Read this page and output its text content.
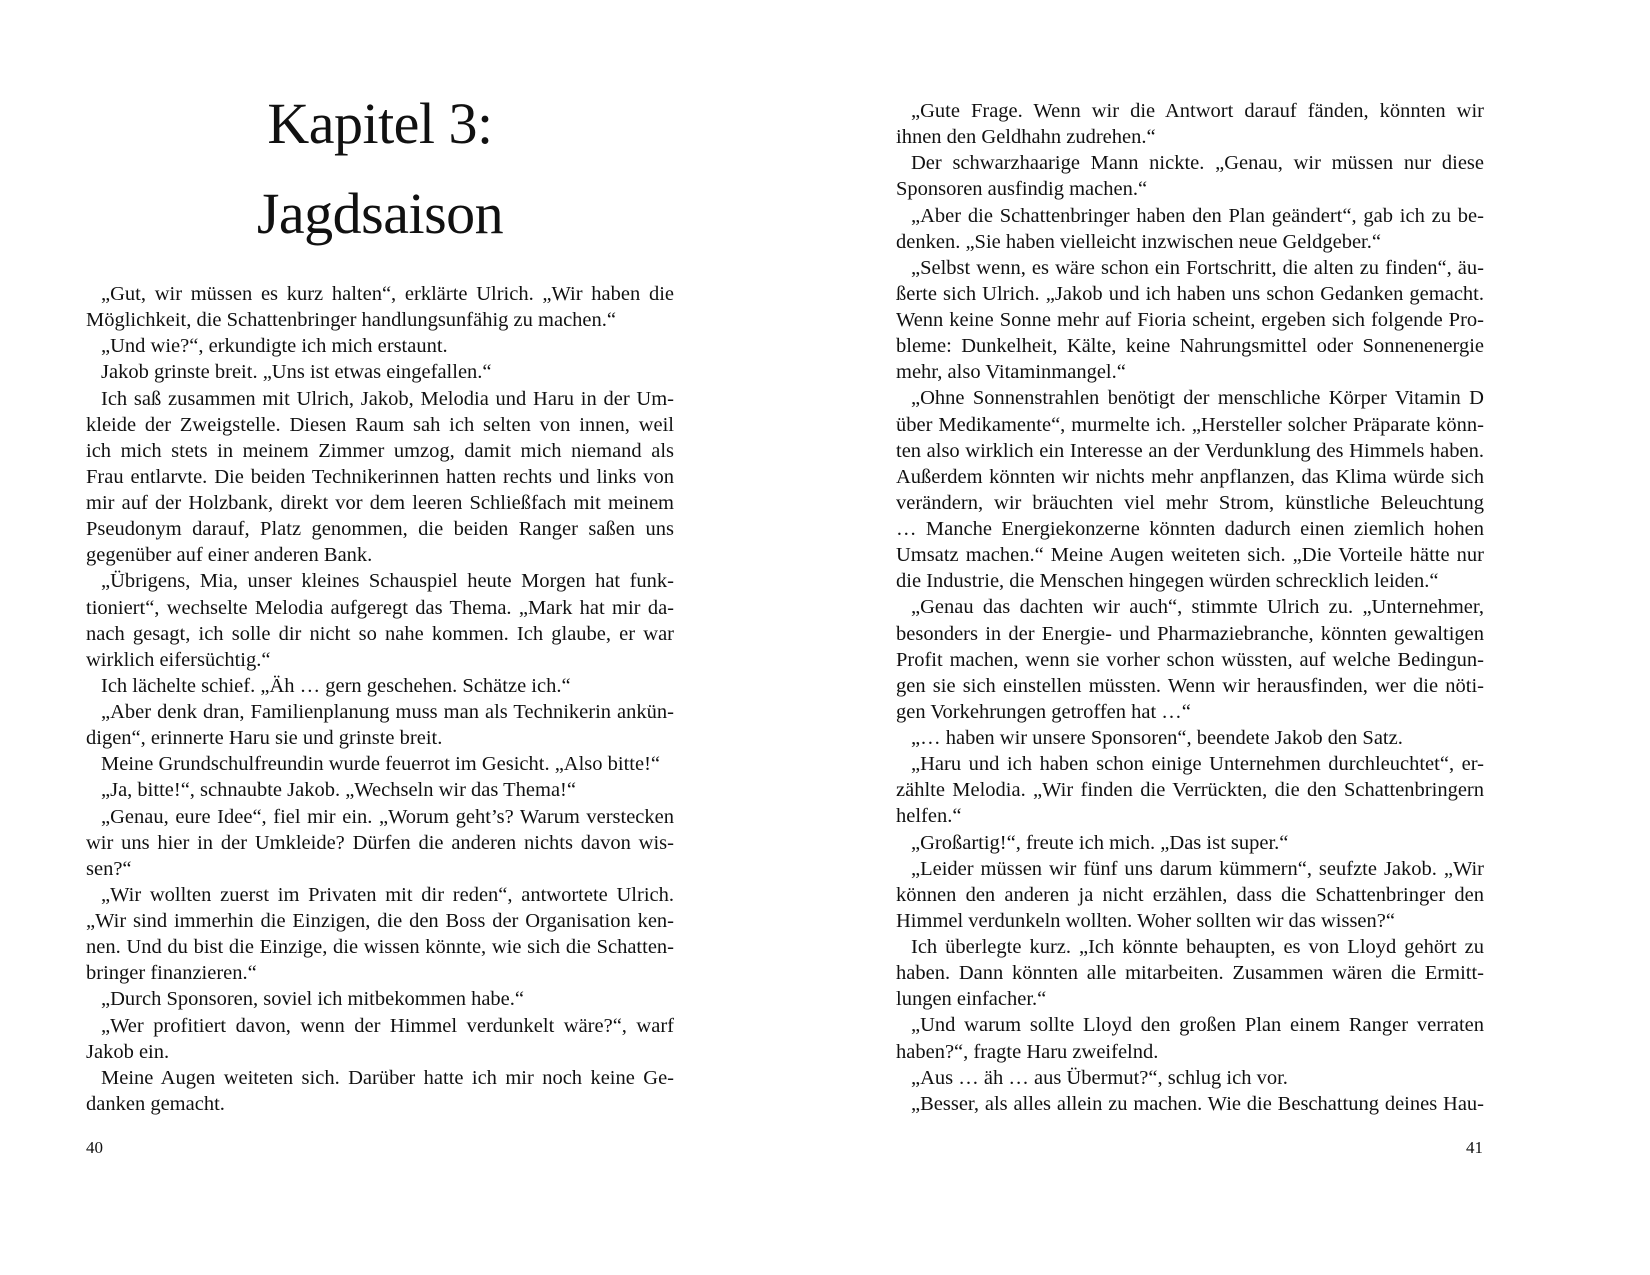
Kapitel 3:
Jagdsaison
„Gut, wir müssen es kurz halten“, erklärte Ulrich. „Wir haben die
Möglichkeit, die Schattenbringer handlungsunfähig zu machen.“
„Und wie?“, erkundigte ich mich erstaunt.
Jakob grinste breit. „Uns ist etwas eingefallen.“
Ich saß zusammen mit Ulrich, Jakob, Melodia und Haru in der Um-
kleide der Zweigstelle. Diesen Raum sah ich selten von innen, weil
ich mich stets in meinem Zimmer umzog, damit mich niemand als
Frau entlarvte. Die beiden Technikerinnen hatten rechts und links von
mir auf der Holzbank, direkt vor dem leeren Schließfach mit meinem
Pseudonym darauf, Platz genommen, die beiden Ranger saßen uns
gegenüber auf einer anderen Bank.
„Übrigens, Mia, unser kleines Schauspiel heute Morgen hat funk-
tioniert“, wechselte Melodia aufgeregt das Thema. „Mark hat mir da-
nach gesagt, ich solle dir nicht so nahe kommen. Ich glaube, er war
wirklich eifersüchtig.“
Ich lächelte schief. „Äh … gern geschehen. Schätze ich.“
„Aber denk dran, Familienplanung muss man als Technikerin ankün-
digen“, erinnerte Haru sie und grinste breit.
Meine Grundschulfreundin wurde feuerrot im Gesicht. „Also bitte!“
„Ja, bitte!“, schnaubte Jakob. „Wechseln wir das Thema!“
„Genau, eure Idee“, fiel mir ein. „Worum geht’s? Warum verstecken
wir uns hier in der Umkleide? Dürfen die anderen nichts davon wis-
sen?“
„Wir wollten zuerst im Privaten mit dir reden“, antwortete Ulrich.
„Wir sind immerhin die Einzigen, die den Boss der Organisation ken-
nen. Und du bist die Einzige, die wissen könnte, wie sich die Schatten-
bringer finanzieren.“
„Durch Sponsoren, soviel ich mitbekommen habe.“
„Wer profitiert davon, wenn der Himmel verdunkelt wäre?“, warf
Jakob ein.
Meine Augen weiteten sich. Darüber hatte ich mir noch keine Ge-
danken gemacht.
40
„Gute Frage. Wenn wir die Antwort darauf fänden, könnten wir
ihnen den Geldhahn zudrehen.“
Der schwarzhaarige Mann nickte. „Genau, wir müssen nur diese
Sponsoren ausfindig machen.“
„Aber die Schattenbringer haben den Plan geändert“, gab ich zu be-
denken. „Sie haben vielleicht inzwischen neue Geldgeber.“
„Selbst wenn, es wäre schon ein Fortschritt, die alten zu finden“, äu-
ßerte sich Ulrich. „Jakob und ich haben uns schon Gedanken gemacht.
Wenn keine Sonne mehr auf Fioria scheint, ergeben sich folgende Pro-
bleme: Dunkelheit, Kälte, keine Nahrungsmittel oder Sonnenenergie
mehr, also Vitaminmangel.“
„Ohne Sonnenstrahlen benötigt der menschliche Körper Vitamin D
über Medikamente“, murmelte ich. „Hersteller solcher Präparate könn-
ten also wirklich ein Interesse an der Verdunklung des Himmels haben.
Außerdem könnten wir nichts mehr anpflanzen, das Klima würde sich
verändern, wir bräuchten viel mehr Strom, künstliche Beleuchtung
… Manche Energiekonzerne könnten dadurch einen ziemlich hohen
Umsatz machen.“ Meine Augen weiteten sich. „Die Vorteile hätte nur
die Industrie, die Menschen hingegen würden schrecklich leiden.“
„Genau das dachten wir auch“, stimmte Ulrich zu. „Unternehmer,
besonders in der Energie- und Pharmaziebranche, könnten gewaltigen
Profit machen, wenn sie vorher schon wüssten, auf welche Bedingun-
gen sie sich einstellen müssten. Wenn wir herausfinden, wer die nöti-
gen Vorkehrungen getroffen hat …“
„… haben wir unsere Sponsoren“, beendete Jakob den Satz.
„Haru und ich haben schon einige Unternehmen durchleuchtet“, er-
zählte Melodia. „Wir finden die Verrückten, die den Schattenbringern
helfen.“
„Großartig!“, freute ich mich. „Das ist super.“
„Leider müssen wir fünf uns darum kümmern“, seufzte Jakob. „Wir
können den anderen ja nicht erzählen, dass die Schattenbringer den
Himmel verdunkeln wollten. Woher sollten wir das wissen?“
Ich überlegte kurz. „Ich könnte behaupten, es von Lloyd gehört zu
haben. Dann könnten alle mitarbeiten. Zusammen wären die Ermitt-
lungen einfacher.“
„Und warum sollte Lloyd den großen Plan einem Ranger verraten
haben?“, fragte Haru zweifelnd.
„Aus … äh … aus Übermut?“, schlug ich vor.
„Besser, als alles allein zu machen. Wie die Beschattung deines Hau-
41
